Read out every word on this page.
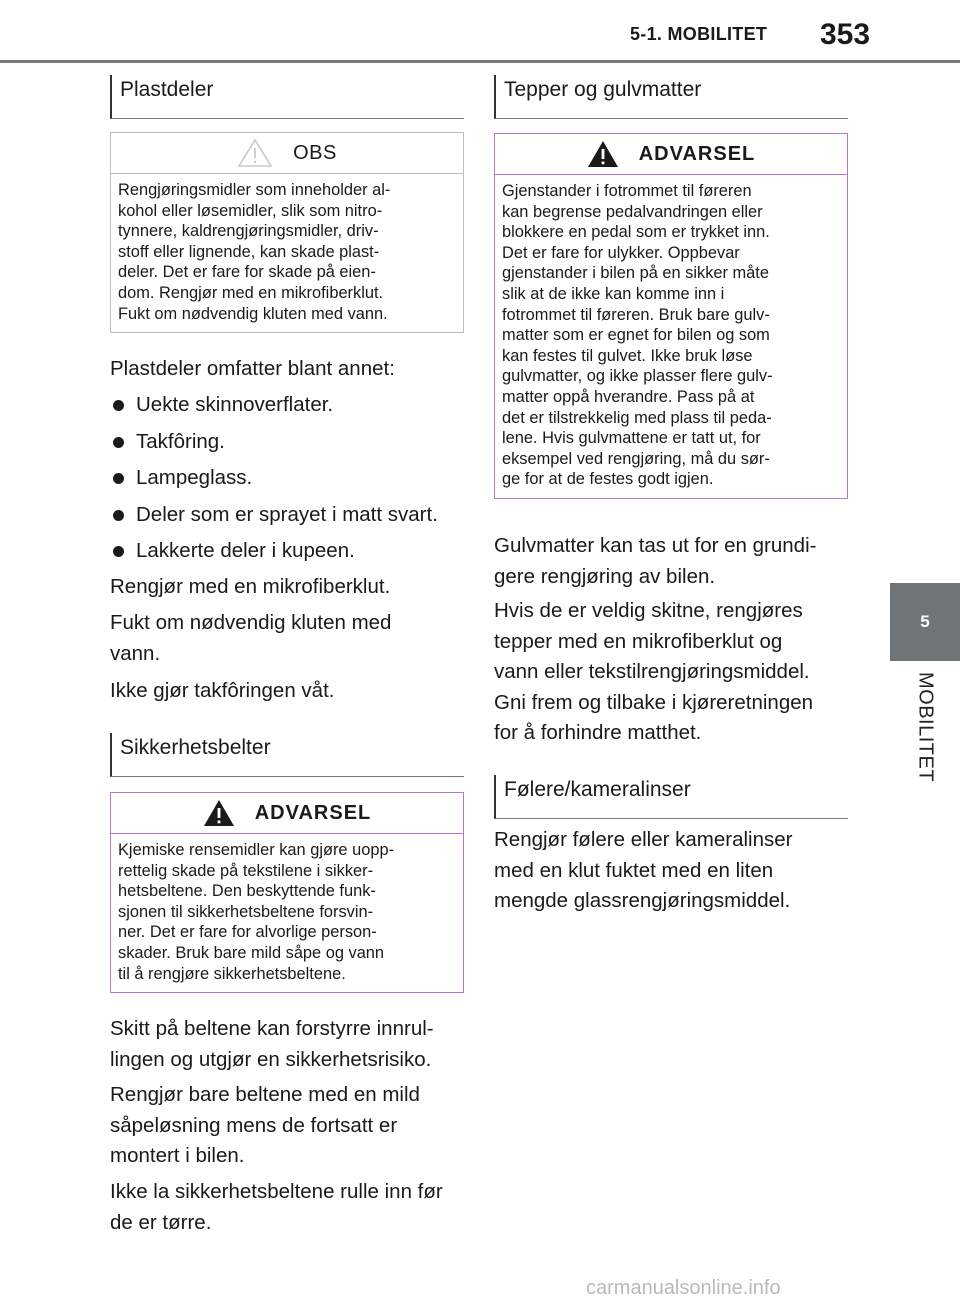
5-1. MOBILITET 353
5
MOBILITET
Plastdeler
OBS
Rengjøringsmidler som inneholder al-
kohol eller løsemidler, slik som nitro-
tynnere, kaldrengjøringsmidler, driv-
stoff eller lignende, kan skade plast-
deler. Det er fare for skade på eien-
dom. Rengjør med en mikrofiberklut.
Fukt om nødvendig kluten med vann.
Plastdeler omfatter blant annet:
Uekte skinnoverflater.
Takfôring.
Lampeglass.
Deler som er sprayet i matt svart.
Lakkerte deler i kupeen.
Rengjør med en mikrofiberklut.
Fukt om nødvendig kluten med
vann.
Ikke gjør takfôringen våt.
Sikkerhetsbelter
ADVARSEL
Kjemiske rensemidler kan gjøre uopp-
rettelig skade på tekstilene i sikker-
hetsbeltene. Den beskyttende funk-
sjonen til sikkerhetsbeltene forsvin-
ner. Det er fare for alvorlige person-
skader. Bruk bare mild såpe og vann
til å rengjøre sikkerhetsbeltene.
Skitt på beltene kan forstyrre innrul-
lingen og utgjør en sikkerhetsrisiko.
Rengjør bare beltene med en mild
såpeløsning mens de fortsatt er
montert i bilen.
Ikke la sikkerhetsbeltene rulle inn før
de er tørre.
Tepper og gulvmatter
ADVARSEL
Gjenstander i fotrommet til føreren
kan begrense pedalvandringen eller
blokkere en pedal som er trykket inn.
Det er fare for ulykker. Oppbevar
gjenstander i bilen på en sikker måte
slik at de ikke kan komme inn i
fotrommet til føreren. Bruk bare gulv-
matter som er egnet for bilen og som
kan festes til gulvet. Ikke bruk løse
gulvmatter, og ikke plasser flere gulv-
matter oppå hverandre. Pass på at
det er tilstrekkelig med plass til peda-
lene. Hvis gulvmattene er tatt ut, for
eksempel ved rengjøring, må du sør-
ge for at de festes godt igjen.
Gulvmatter kan tas ut for en grundi-
gere rengjøring av bilen.
Hvis de er veldig skitne, rengjøres
tepper med en mikrofiberklut og
vann eller tekstilrengjøringsmiddel.
Gni frem og tilbake i kjøreretningen
for å forhindre matthet.
Følere/kameralinser
Rengjør følere eller kameralinser
med en klut fuktet med en liten
mengde glassrengjøringsmiddel.
carmanualsonline.info
